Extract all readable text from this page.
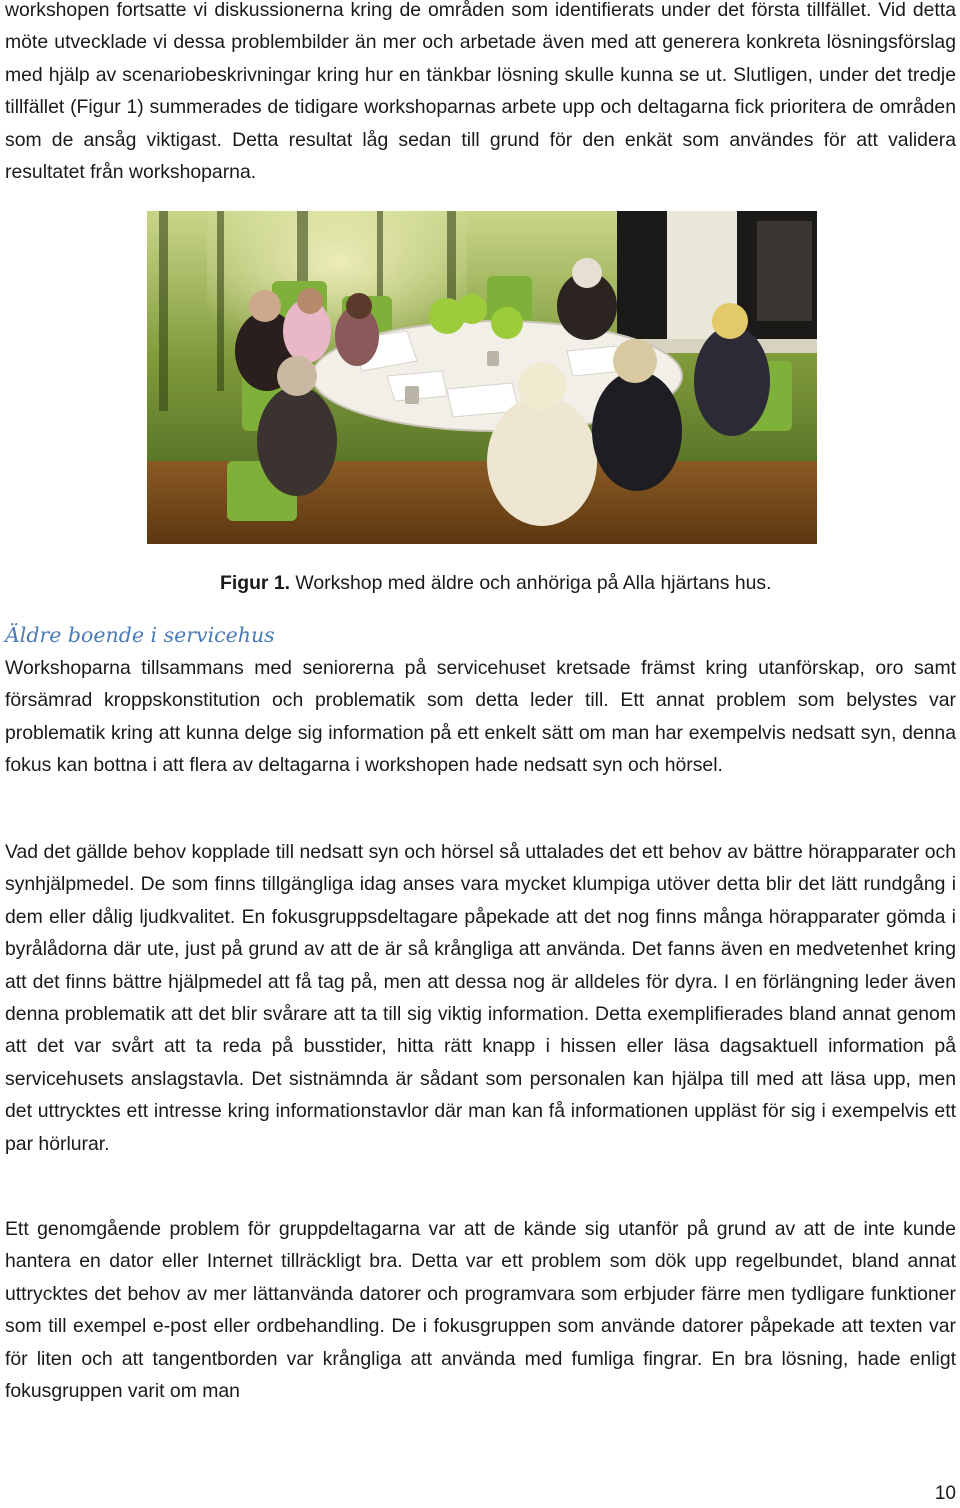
workshopen fortsatte vi diskussionerna kring de områden som identifierats under det första tillfället. Vid detta möte utvecklade vi dessa problembilder än mer och arbetade även med att generera konkreta lösningsförslag med hjälp av scenariobeskrivningar kring hur en tänkbar lösning skulle kunna se ut. Slutligen, under det tredje tillfället (Figur 1) summerades de tidigare workshoparnas arbete upp och deltagarna fick prioritera de områden som de ansåg viktigast. Detta resultat låg sedan till grund för den enkät som användes för att validera resultatet från workshoparna.

Figur 1. Workshop med äldre och anhöriga på Alla hjärtans hus.
Äldre boende i servicehus

Workshoparna tillsammans med seniorerna på servicehuset kretsade främst kring utanförskap, oro samt försämrad kroppskonstitution och problematik som detta leder till. Ett annat problem som belystes var problematik kring att kunna delge sig information på ett enkelt sätt om man har exempelvis nedsatt syn, denna fokus kan bottna i att flera av deltagarna i workshopen hade nedsatt syn och hörsel.

Vad det gällde behov kopplade till nedsatt syn och hörsel så uttalades det ett behov av bättre hörapparater och synhjälpmedel. De som finns tillgängliga idag anses vara mycket klumpiga utöver detta blir det lätt rundgång i dem eller dålig ljudkvalitet. En fokusgruppsdeltagare påpekade att det nog finns många hörapparater gömda i byrålådorna där ute, just på grund av att de är så krångliga att använda. Det fanns även en medvetenhet kring att det finns bättre hjälpmedel att få tag på, men att dessa nog är alldeles för dyra. I en förlängning leder även denna problematik att det blir svårare att ta till sig viktig information. Detta exemplifierades bland annat genom att det var svårt att ta reda på busstider, hitta rätt knapp i hissen eller läsa dagsaktuell information på servicehusets anslagstavla. Det sistnämnda är sådant som personalen kan hjälpa till med att läsa upp, men det uttrycktes ett intresse kring informationstavlor där man kan få informationen uppläst för sig i exempelvis ett par hörlurar.

Ett genomgående problem för gruppdeltagarna var att de kände sig utanför på grund av att de inte kunde hantera en dator eller Internet tillräckligt bra. Detta var ett problem som dök upp regelbundet, bland annat uttrycktes det behov av mer lättanvända datorer och programvara som erbjuder färre men tydligare funktioner som till exempel e-post eller ordbehandling. De i fokusgruppen som använde datorer påpekade att texten var för liten och att tangentborden var krångliga att använda med fumliga fingrar. En bra lösning, hade enligt fokusgruppen varit om man

10
